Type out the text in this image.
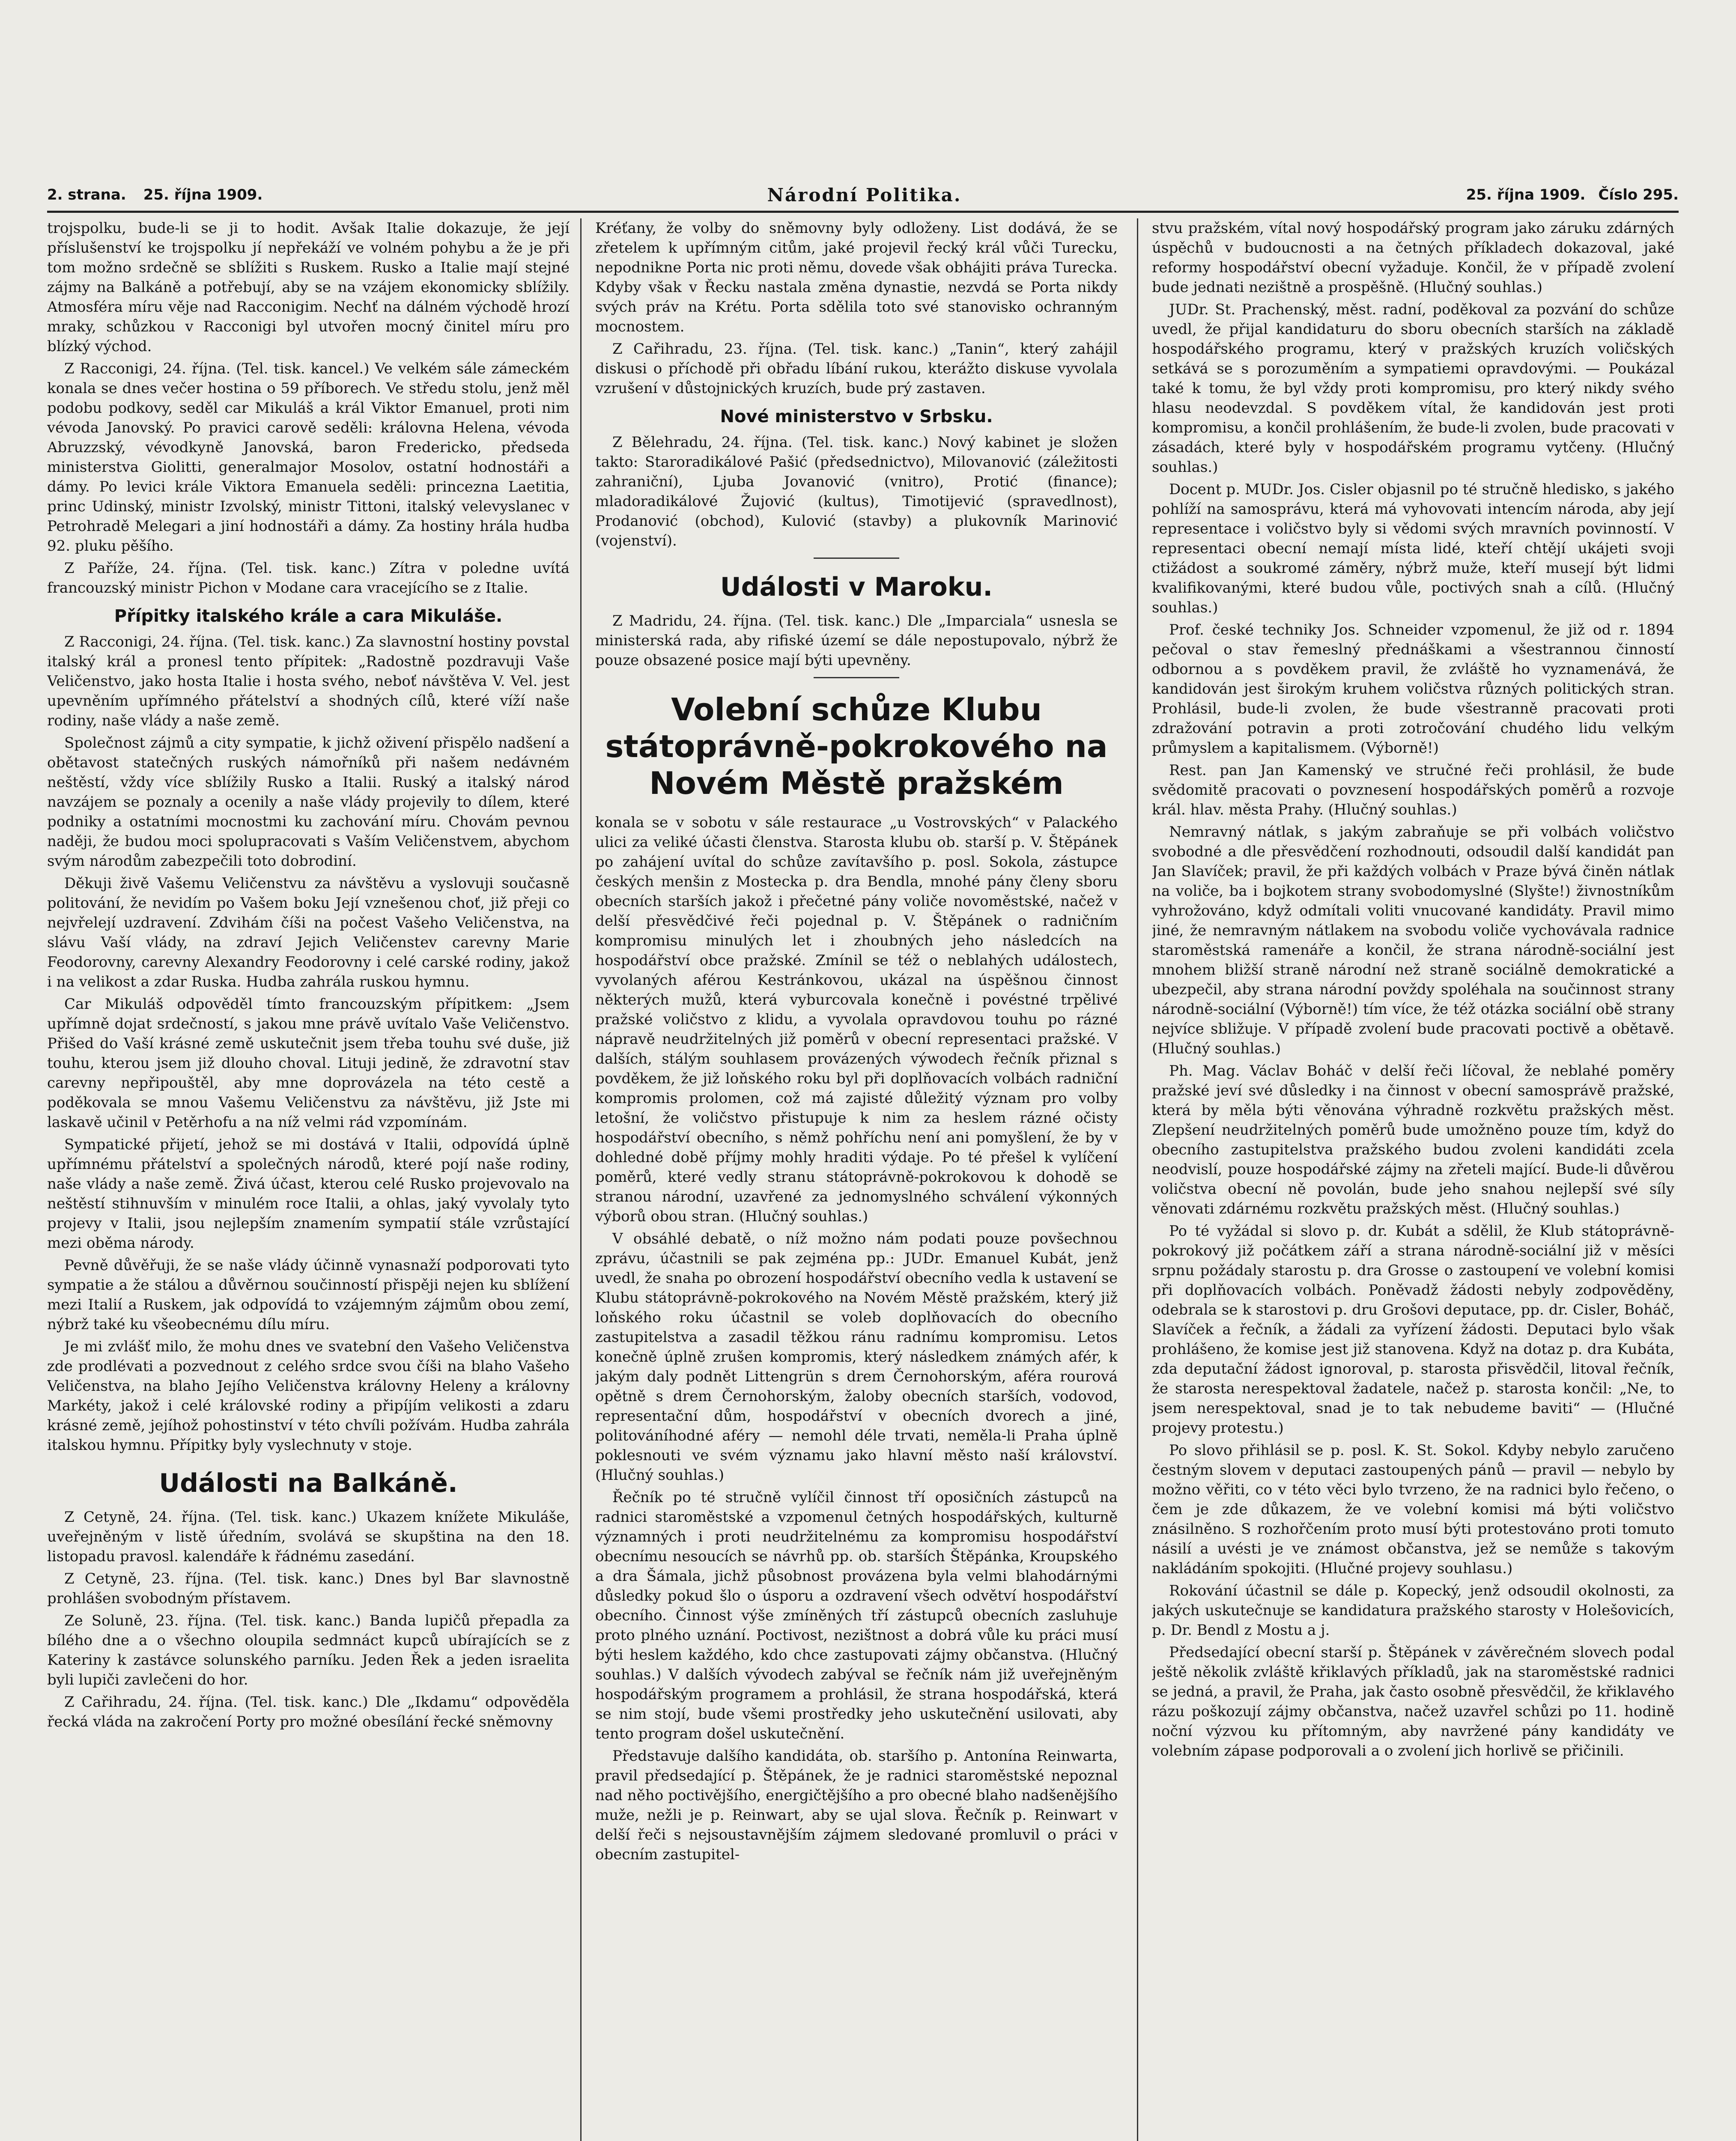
2. strana. 25. října 1909.	Národní Politika.	25. října 1909. Číslo 295.

trojspolku, bude-li se ji to hodit. Avšak Italie dokazuje, že její příslušenství ke trojspolku jí nepřekáží ve volném pohybu a že je při tom možno srdečně se sblížiti s Ruskem. Rusko a Italie mají stejné zájmy na Balkáně a potřebují, aby se na vzájem ekonomicky sblížily. Atmosféra míru věje nad Racconigim. Nechť na dálném východě hrozí mraky, schůzkou v Racconigi byl utvořen mocný činitel míru pro blízký východ.

Z Racconigi, 24. října. (Tel. tisk. kancel.) Ve velkém sále zámeckém konala se dnes večer hostina o 59 příborech. Ve středu stolu, jenž měl podobu podkovy, seděl car Mikuláš a král Viktor Emanuel, proti nim vévoda Janovský. Po pravici carově seděli: královna Helena, vévoda Abruzzský, vévodkyně Janovská, baron Fredericko, předseda ministerstva Giolitti, generalmajor Mosolov, ostatní hodnostáři a dámy. Po levici krále Viktora Emanuela seděli: princezna Laetitia, princ Udinský, ministr Izvolský, ministr Tittoni, italský velevyslanec v Petrohradě Melegari a jiní hodnostáři a dámy. Za hostiny hrála hudba 92. pluku pěšího.

Z Paříže, 24. října. (Tel. tisk. kanc.) Zítra v poledne uvítá francouzský ministr Pichon v Modane cara vracejícího se z Italie.

Přípitky italského krále a cara Mikuláše.

Z Racconigi, 24. října. (Tel. tisk. kanc.) Za slavnostní hostiny povstal italský král a pronesl tento přípitek: „Radostně pozdravuji Vaše Veličenstvo, jako hosta Italie i hosta svého, neboť návštěva V. Vel. jest upevněním upřímného přátelství a shodných cílů, které víží naše rodiny, naše vlády a naše země.

Společnost zájmů a city sympatie, k jichž oživení přispělo nadšení a obětavost statečných ruských námořníků při našem nedávném neštěstí, vždy více sblížily Rusko a Italii. Ruský a italský národ navzájem se poznaly a ocenily a naše vlády projevily to dílem, které podniky a ostatními mocnostmi ku zachování míru. Chovám pevnou naději, že budou moci spolupracovati s Vaším Veličenstvem, abychom svým národům zabezpečili toto dobrodiní.

Děkuji živě Vašemu Veličenstvu za návštěvu a vyslovuji současně politování, že nevidím po Vašem boku Její vznešenou choť, již přeji co nejvřelejí uzdravení. Zdvihám číši na počest Vašeho Veličenstva, na slávu Vaší vlády, na zdraví Jejich Veličenstev carevny Marie Feodorovny, carevny Alexandry Feodorovny i celé carské rodiny, jakož i na velikost a zdar Ruska. Hudba zahrála ruskou hymnu.

Car Mikuláš odpověděl tímto francouzským přípitkem: „Jsem upřímně dojat srdečností, s jakou mne právě uvítalo Vaše Veličenstvo. Přišed do Vaší krásné země uskutečnit jsem třeba touhu své duše, již touhu, kterou jsem již dlouho choval. Lituji jedině, že zdravotní stav carevny nepřipouštěl, aby mne doprovázela na této cestě a poděkovala se mnou Vašemu Veličenstvu za návštěvu, již Jste mi laskavě učinil v Petěrhofu a na níž velmi rád vzpomínám.

Sympatické přijetí, jehož se mi dostává v Italii, odpovídá úplně upřímnému přátelství a společných národů, které pojí naše rodiny, naše vlády a naše země. Živá účast, kterou celé Rusko projevovalo na neštěstí stihnuvším v minulém roce Italii, a ohlas, jaký vyvolaly tyto projevy v Italii, jsou nejlepším znamením sympatií stále vzrůstající mezi oběma národy.

Pevně důvěřuji, že se naše vlády účinně vynasnaží podporovati tyto sympatie a že stálou a důvěrnou součinností přispěji nejen ku sblížení mezi Italií a Ruskem, jak odpovídá to vzájemným zájmům obou zemí, nýbrž také ku všeobecnému dílu míru.

Je mi zvlášť milo, že mohu dnes ve svatební den Vašeho Veličenstva zde prodlévati a pozvednout z celého srdce svou číši na blaho Vašeho Veličenstva, na blaho Jejího Veličenstva královny Heleny a královny Markéty, jakož i celé královské rodiny a připíjím velikosti a zdaru krásné země, jejíhož pohostinství v této chvíli požívám. Hudba zahrála italskou hymnu. Přípitky byly vyslechnuty v stoje.

Události na Balkáně.

Z Cetyně, 24. října. (Tel. tisk. kanc.) Ukazem knížete Mikuláše, uveřejněným v listě úředním, svolává se skupština na den 18. listopadu pravosl. kalendáře k řádnému zasedání.

Z Cetyně, 23. října. (Tel. tisk. kanc.) Dnes byl Bar slavnostně prohlášen svobodným přístavem.

Ze Soluně, 23. října. (Tel. tisk. kanc.) Banda lupičů přepadla za bílého dne a o všechno oloupila sedmnáct kupců ubírajících se z Kateriny k zastávce solunského parníku. Jeden Řek a jeden israelita byli lupiči zavlečeni do hor.

Z Cařihradu, 24. října. (Tel. tisk. kanc.) Dle „Ikdamu“ odpověděla řecká vláda na zakročení Porty pro možné obesílání řecké sněmovny

Kréťany, že volby do sněmovny byly odloženy. List dodává, že se zřetelem k upřímným citům, jaké projevil řecký král vůči Turecku, nepodnikne Porta nic proti němu, dovede však obhájiti práva Turecka. Kdyby však v Řecku nastala změna dynastie, nezvdá se Porta nikdy svých práv na Krétu. Porta sdělila toto své stanovisko ochranným mocnostem.

Z Cařihradu, 23. října. (Tel. tisk. kanc.) „Tanin“, který zahájil diskusi o příchodě při obřadu líbání rukou, kterážto diskuse vyvolala vzrušení v důstojnických kruzích, bude prý zastaven.

Nové ministerstvo v Srbsku.

Z Bělehradu, 24. října. (Tel. tisk. kanc.) Nový kabinet je složen takto: Staroradikálové Pašić (předsednictvo), Milovanović (záležitosti zahraniční), Ljuba Jovanović (vnitro), Protić (finance); mladoradikálové Žujović (kultus), Timotijević (spravedlnost), Prodanović (obchod), Kulović (stavby) a plukovník Marinović (vojenství).

Události v Maroku.

Z Madridu, 24. října. (Tel. tisk. kanc.) Dle „Imparciala“ usnesla se ministerská rada, aby rifiské území se dále nepostupovalo, nýbrž že pouze obsazené posice mají býti upevněny.

Volební schůze Klubu státoprávně-pokrokového na Novém Městě pražském

konala se v sobotu v sále restaurace „u Vostrovských“ v Palackého ulici za veliké účasti členstva. Starosta klubu ob. starší p. V. Štěpánek po zahájení uvítal do schůze zavítavšího p. posl. Sokola, zástupce českých menšin z Mostecka p. dra Bendla, mnohé pány členy sboru obecních starších jakož i přečetné pány voliče novoměstské, načež v delší přesvědčivé řeči pojednal p. V. Štěpánek o radničním kompromisu minulých let i zhoubných jeho následcích na hospodářství obce pražské. Zmínil se též o neblahých událostech, vyvolaných aférou Kestránkovou, ukázal na úspěšnou činnost některých mužů, která vyburcovala konečně i povéstné trpělivé pražské voličstvo z klidu, a vyvolala opravdovou touhu po rázné nápravě neudržitelných již poměrů v obecní representaci pražské. V dalších, stálým souhlasem provázených výwodech řečník přiznal s povděkem, že již loňského roku byl při doplňovacích volbách radniční kompromis prolomen, což má zajisté důležitý význam pro volby letošní, že voličstvo přistupuje k nim za heslem rázné očisty hospodářství obecního, s němž pohříchu není ani pomyšlení, že by v dohledné době příjmy mohly hraditi výdaje. Po té přešel k vylíčení poměrů, které vedly stranu státoprávně-pokrokovou k dohodě se stranou národní, uzavřené za jednomyslného schválení výkonných výborů obou stran. (Hlučný souhlas.)

V obsáhlé debatě, o níž možno nám podati pouze povšechnou zprávu, účastnili se pak zejména pp.: JUDr. Emanuel Kubát, jenž uvedl, že snaha po obrození hospodářství obecního vedla k ustavení se Klubu státoprávně-pokrokového na Novém Městě pražském, který již loňského roku účastnil se voleb doplňovacích do obecního zastupitelstva a zasadil těžkou ránu radnímu kompromisu. Letos konečně úplně zrušen kompromis, který následkem známých afér, k jakým daly podnět Littengrün s drem Černohorským, aféra rourová opětně s drem Černohorským, žaloby obecních starších, vodovod, representační dům, hospodářství v obecních dvorech a jiné, politováníhodné aféry — nemohl déle trvati, neměla-li Praha úplně poklesnouti ve svém významu jako hlavní město naší království. (Hlučný souhlas.)

Řečník po té stručně vylíčil činnost tří oposičních zástupců na radnici staroměstské a vzpomenul četných hospodářských, kulturně významných i proti neudržitelnému za kompromisu hospodářství obecnímu nesoucích se návrhů pp. ob. starších Štěpánka, Kroupského a dra Šámala, jichž působnost provázena byla velmi blahodárnými důsledky pokud šlo o úsporu a ozdravení všech odvětví hospodářství obecního. Činnost výše zmíněných tří zástupců obecních zasluhuje proto plného uznání. Poctivost, nezištnost a dobrá vůle ku práci musí býti heslem každého, kdo chce zastupovati zájmy občanstva. (Hlučný souhlas.) V dalších vývodech zabýval se řečník nám již uveřejněným hospodářským programem a prohlásil, že strana hospodářská, která se nim stojí, bude všemi prostředky jeho uskutečnění usilovati, aby tento program došel uskutečnění.

Představuje dalšího kandidáta, ob. staršího p. Antonína Reinwarta, pravil předsedající p. Štěpánek, že je radnici staroměstské nepoznal nad něho poctivějšího, energičtějšího a pro obecné blaho nadšenějšího muže, nežli je p. Reinwart, aby se ujal slova. Řečník p. Reinwart v delší řeči s nejsoustavnějším zájmem sledované promluvil o práci v obecním zastupitel-

stvu pražském, vítal nový hospodářský program jako záruku zdárných úspěchů v budoucnosti a na četných příkladech dokazoval, jaké reformy hospodářství obecní vyžaduje. Končil, že v případě zvolení bude jednati nezištně a prospěšně. (Hlučný souhlas.)

JUDr. St. Prachenský, měst. radní, poděkoval za pozvání do schůze uvedl, že přijal kandidaturu do sboru obecních starších na základě hospodářského programu, který v pražských kruzích voličských setkává se s porozuměním a sympatiemi opravdovými. — Poukázal také k tomu, že byl vždy proti kompromisu, pro který nikdy svého hlasu neodevzdal. S povděkem vítal, že kandidován jest proti kompromisu, a končil prohlášením, že bude-li zvolen, bude pracovati v zásadách, které byly v hospodářském programu vytčeny. (Hlučný souhlas.)

Docent p. MUDr. Jos. Cisler objasnil po té stručně hledisko, s jakého pohlíží na samosprávu, která má vyhovovati intencím národa, aby její representace i voličstvo byly si vědomi svých mravních povinností. V representaci obecní nemají místa lidé, kteří chtějí ukájeti svoji ctižádost a soukromé záměry, nýbrž muže, kteří musejí být lidmi kvalifikovanými, které budou vůle, poctivých snah a cílů. (Hlučný souhlas.)

Prof. české techniky Jos. Schneider vzpomenul, že již od r. 1894 pečoval o stav řemeslný přednáškami a všestrannou činností odbornou a s povděkem pravil, že zvláště ho vyznamenává, že kandidován jest širokým kruhem voličstva různých politických stran. Prohlásil, bude-li zvolen, že bude všestranně pracovati proti zdražování potravin a proti zotročování chudého lidu velkým průmyslem a kapitalismem. (Výborně!)

Rest. pan Jan Kamenský ve stručné řeči prohlásil, že bude svědomitě pracovati o povznesení hospodářských poměrů a rozvoje král. hlav. města Prahy. (Hlučný souhlas.)

Nemravný nátlak, s jakým zabraňuje se při volbách voličstvo svobodné a dle přesvědčení rozhodnouti, odsoudil další kandidát pan Jan Slavíček; pravil, že při každých volbách v Praze bývá činěn nátlak na voliče, ba i bojkotem strany svobodomyslné (Slyšte!) živnostníkům vyhrožováno, když odmítali voliti vnucované kandidáty. Pravil mimo jiné, že nemravným nátlakem na svobodu voliče vychovávala radnice staroměstská ramenáře a končil, že strana národně-sociální jest mnohem bližší straně národní než straně sociálně demokratické a ubezpečil, aby strana národní povždy spoléhala na součinnost strany národně-sociální (Výborně!) tím více, že též otázka sociální obě strany nejvíce sbližuje. V případě zvolení bude pracovati poctivě a obětavě. (Hlučný souhlas.)

Ph. Mag. Václav Boháč v delší řeči líčoval, že neblahé poměry pražské jeví své důsledky i na činnost v obecní samosprávě pražské, která by měla býti věnována výhradně rozkvětu pražských měst. Zlepšení neudržitelných poměrů bude umožněno pouze tím, když do obecního zastupitelstva pražského budou zvoleni kandidáti zcela neodvislí, pouze hospodářské zájmy na zřeteli mající. Bude-li důvěrou voličstva obecní ně povolán, bude jeho snahou nejlepší své síly věnovati zdárnému rozkvětu pražských měst. (Hlučný souhlas.)

Po té vyžádal si slovo p. dr. Kubát a sdělil, že Klub státoprávně-pokrokový již počátkem září a strana národně-sociální již v měsíci srpnu požádaly starostu p. dra Grosse o zastoupení ve volební komisi při doplňovacích volbách. Poněvadž žádosti nebyly zodpověděny, odebrala se k starostovi p. dru Grošovi deputace, pp. dr. Cisler, Boháč, Slavíček a řečník, a žádali za vyřízení žádosti. Deputaci bylo však prohlášeno, že komise jest již stanovena. Když na dotaz p. dra Kubáta, zda deputační žádost ignoroval, p. starosta přisvědčil, litoval řečník, že starosta nerespektoval žadatele, načež p. starosta končil: „Ne, to jsem nerespektoval, snad je to tak nebudeme baviti“ — (Hlučné projevy protestu.)

Po slovo přihlásil se p. posl. K. St. Sokol. Kdyby nebylo zaručeno čestným slovem v deputaci zastoupených pánů — pravil — nebylo by možno věřiti, co v této věci bylo tvrzeno, že na radnici bylo řečeno, o čem je zde důkazem, že ve volební komisi má býti voličstvo znásilněno. S rozhořčením proto musí býti protestováno proti tomuto násilí a uvésti je ve známost občanstva, jež se nemůže s takovým nakládáním spokojiti. (Hlučné projevy souhlasu.)

Rokování účastnil se dále p. Kopecký, jenž odsoudil okolnosti, za jakých uskutečnuje se kandidatura pražského starosty v Holešovicích, p. Dr. Bendl z Mostu a j.

Předsedající obecní starší p. Štěpánek v závěrečném slovech podal ještě několik zvláště křiklavých příkladů, jak na staroměstské radnici se jedná, a pravil, že Praha, jak často osobně přesvědčil, že křiklavého rázu poškozují zájmy občanstva, načež uzavřel schůzi po 11. hodině noční výzvou ku přítomným, aby navržené pány kandidáty ve volebním zápase podporovali a o zvolení jich horlivě se přičinili.
